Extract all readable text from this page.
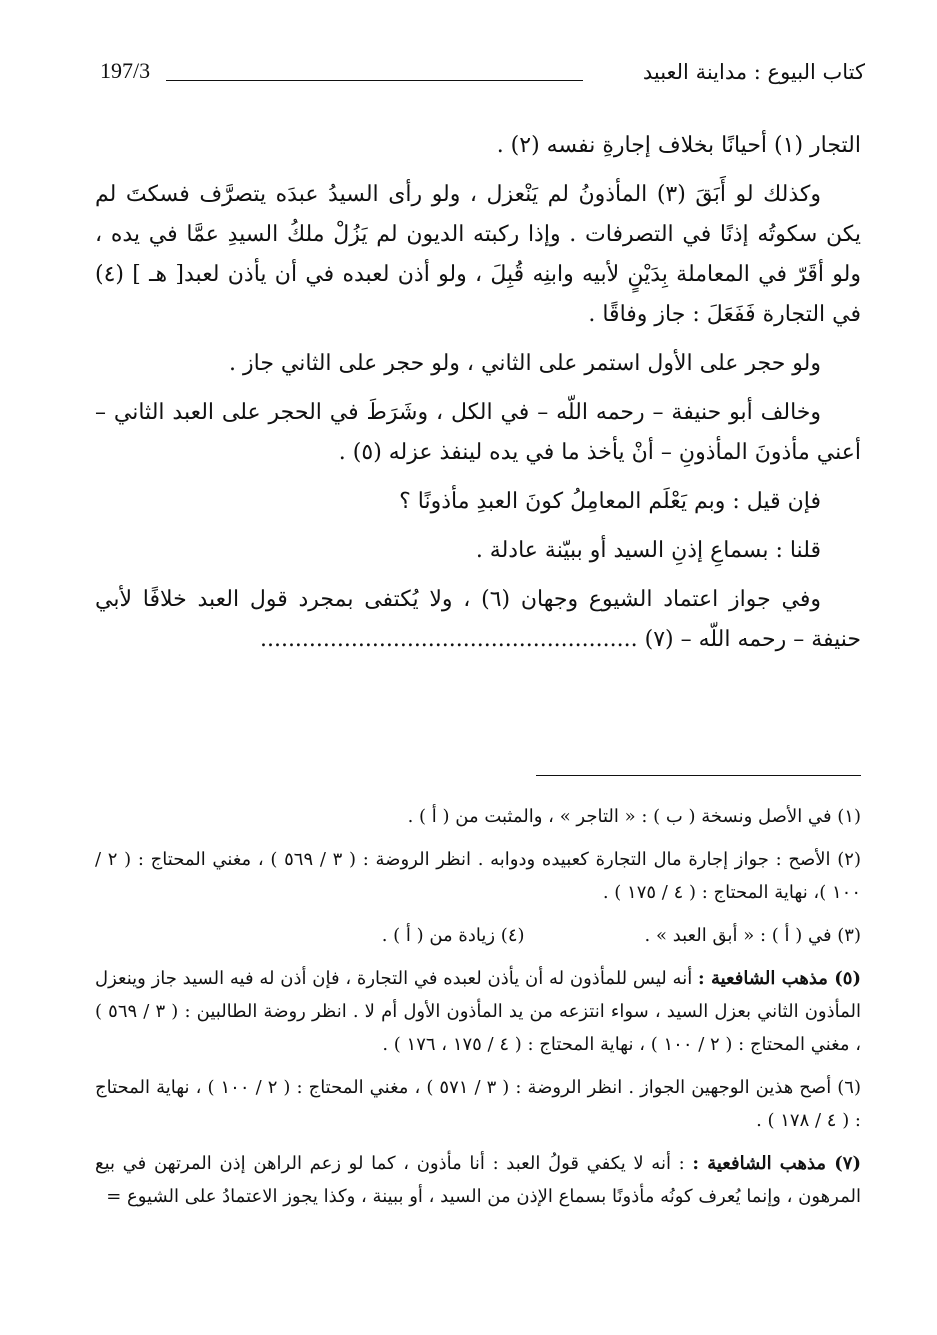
كتاب البيوع : مداينة العبيد
197/3

التجار (١) أحيانًا بخلاف إجارةِ نفسه (٢) .

وكذلك لو أَبَقَ (٣) المأذونُ لم يَنْعزل ، ولو رأى السيدُ عبدَه يتصرَّف فسكتَ لم يكن سكوتُه إذنًا في التصرفات . وإذا ركبته الديون لم يَزُلْ ملكُ السيدِ عمَّا في يده ، ولو أقَرّ في المعاملة بِدَيْنٍ لأبيه وابنِه قُبِلَ ، ولو أذن لعبده في أن يأذن لعبد[ هـ ] (٤) في التجارة فَفَعَلَ : جاز وفاقًا .

ولو حجر على الأول استمر على الثاني ، ولو حجر على الثاني جاز .

وخالف أبو حنيفة – رحمه اللّه – في الكل ، وشَرَطَ في الحجر على العبد الثاني – أعني مأذونَ المأذونِ – أنْ يأخذ ما في يده لينفذ عزله (٥) .

فإن قيل : وبم يَعْلَم المعامِلُ كونَ العبدِ مأذونًا ؟

قلنا : بسماعِ إذنِ السيد أو ببيّنة عادلة .

وفي جواز اعتماد الشيوع وجهان (٦) ، ولا يُكتفى بمجرد قول العبد خلافًا لأبي حنيفة – رحمه اللّه – (٧) ......................................................

(١) في الأصل ونسخة ( ب ) : « التاجر » ، والمثبت من ( أ ) .

(٢) الأصح : جواز إجارة مال التجارة كعبيده ودوابه . انظر الروضة : ( ٣ / ٥٦٩ ) ، مغني المحتاج : ( ٢ / ١٠٠ )، نهاية المحتاج : ( ٤ / ١٧٥ ) .

(٣) في ( أ ) : « أبق العبد » .
(٤) زيادة من ( أ ) .

(٥) مذهب الشافعية : أنه ليس للمأذون له أن يأذن لعبده في التجارة ، فإن أذن له فيه السيد جاز وينعزل المأذون الثاني بعزل السيد ، سواء انتزعه من يد المأذون الأول أم لا . انظر روضة الطالبين : ( ٣ / ٥٦٩ ) ، مغني المحتاج : ( ٢ / ١٠٠ ) ، نهاية المحتاج : ( ٤ / ١٧٥ ، ١٧٦ ) .

(٦) أصح هذين الوجهين الجواز . انظر الروضة : ( ٣ / ٥٧١ ) ، مغني المحتاج : ( ٢ / ١٠٠ ) ، نهاية المحتاج : ( ٤ / ١٧٨ ) .

(٧) مذهب الشافعية : : أنه لا يكفي قولُ العبد : أنا مأذون ، كما لو زعم الراهن إذن المرتهن في بيع المرهون ، وإنما يُعرف كونُه مأذونًا بسماع الإذن من السيد ، أو ببينة ، وكذا يجوز الاعتمادُ على الشيوع =
